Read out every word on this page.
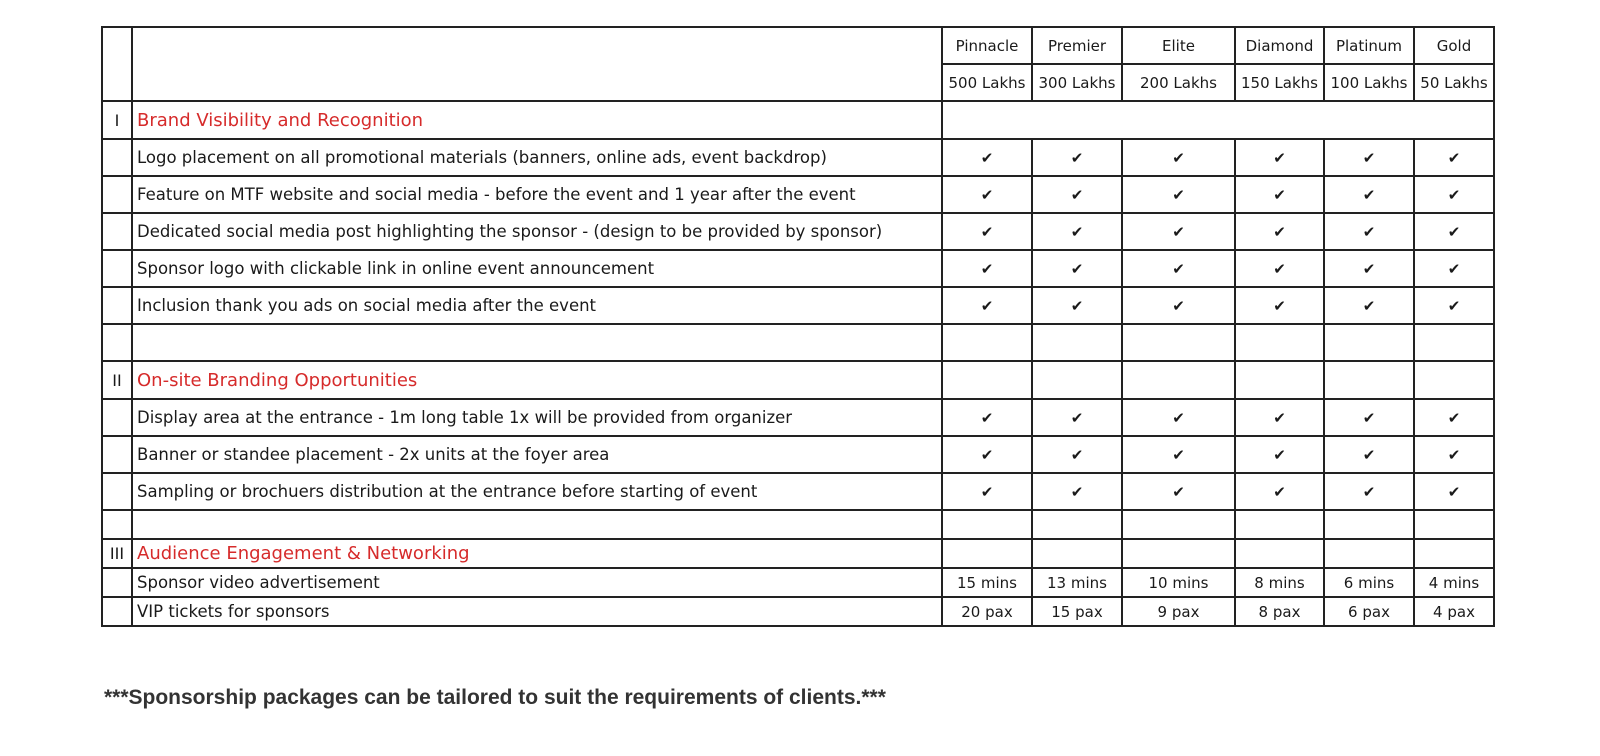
		Pinnacle	Premier	Elite	Diamond	Platinum	Gold
		500 Lakhs	300 Lakhs	200 Lakhs	150 Lakhs	100 Lakhs	50 Lakhs
I	Brand Visibility and Recognition						
	Logo placement on all promotional materials (banners, online ads, event backdrop)	✔	✔	✔	✔	✔	✔
	Feature on MTF website and social media - before the event and 1 year after the event	✔	✔	✔	✔	✔	✔
	Dedicated social media post highlighting the sponsor - (design to be provided by sponsor)	✔	✔	✔	✔	✔	✔
	Sponsor logo with clickable link in online event announcement	✔	✔	✔	✔	✔	✔
	Inclusion thank you ads on social media after the event	✔	✔	✔	✔	✔	✔

II	On-site Branding Opportunities						
	Display area at the entrance - 1m long table 1x will be provided from organizer	✔	✔	✔	✔	✔	✔
	Banner or standee placement - 2x units at the foyer area	✔	✔	✔	✔	✔	✔
	Sampling or brochuers distribution at the entrance before starting of event	✔	✔	✔	✔	✔	✔

III	Audience Engagement & Networking						
	Sponsor video advertisement	15 mins	13 mins	10 mins	8 mins	6 mins	4 mins
	VIP tickets for sponsors	20 pax	15 pax	9 pax	8 pax	6 pax	4 pax
***Sponsorship packages can be tailored to suit the requirements of clients.***
